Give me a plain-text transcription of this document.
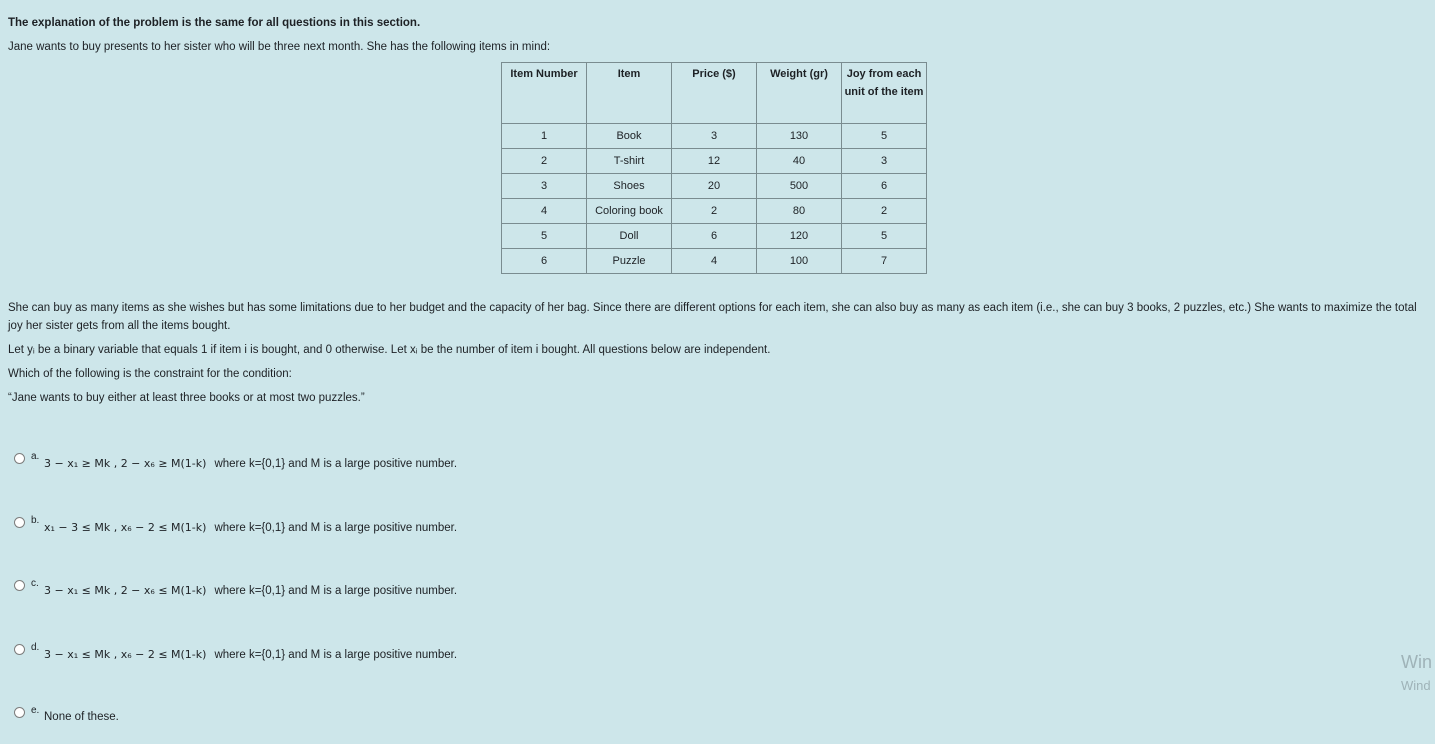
The explanation of the problem is the same for all questions in this section.
Jane wants to buy presents to her sister who will be three next month. She has the following items in mind:
Item Number	Item	Price ($)	Weight (gr)	Joy from each unit of the item
1	Book	3	130	5
2	T-shirt	12	40	3
3	Shoes	20	500	6
4	Coloring book	2	80	2
5	Doll	6	120	5
6	Puzzle	4	100	7
She can buy as many items as she wishes but has some limitations due to her budget and the capacity of her bag. Since there are different options for each item, she can also buy as many as each item (i.e., she can buy 3 books, 2 puzzles, etc.) She wants to maximize the total joy her sister gets from all the items bought.
Let yᵢ be a binary variable that equals 1 if item i is bought, and 0 otherwise. Let xᵢ be the number of item i bought. All questions below are independent.
Which of the following is the constraint for the condition:
“Jane wants to buy either at least three books or at most two puzzles.”
a.
3 − x₁ ≥ Mk , 2 − x₆ ≥ M(1-k) where k={0,1} and M is a large positive number.
b.
x₁ − 3 ≤ Mk , x₆ − 2 ≤ M(1-k) where k={0,1} and M is a large positive number.
c.
3 − x₁ ≤ Mk , 2 − x₆ ≤ M(1-k) where k={0,1} and M is a large positive number.
d.
3 − x₁ ≤ Mk , x₆ − 2 ≤ M(1-k) where k={0,1} and M is a large positive number.
e.
None of these.
Win
Wind
